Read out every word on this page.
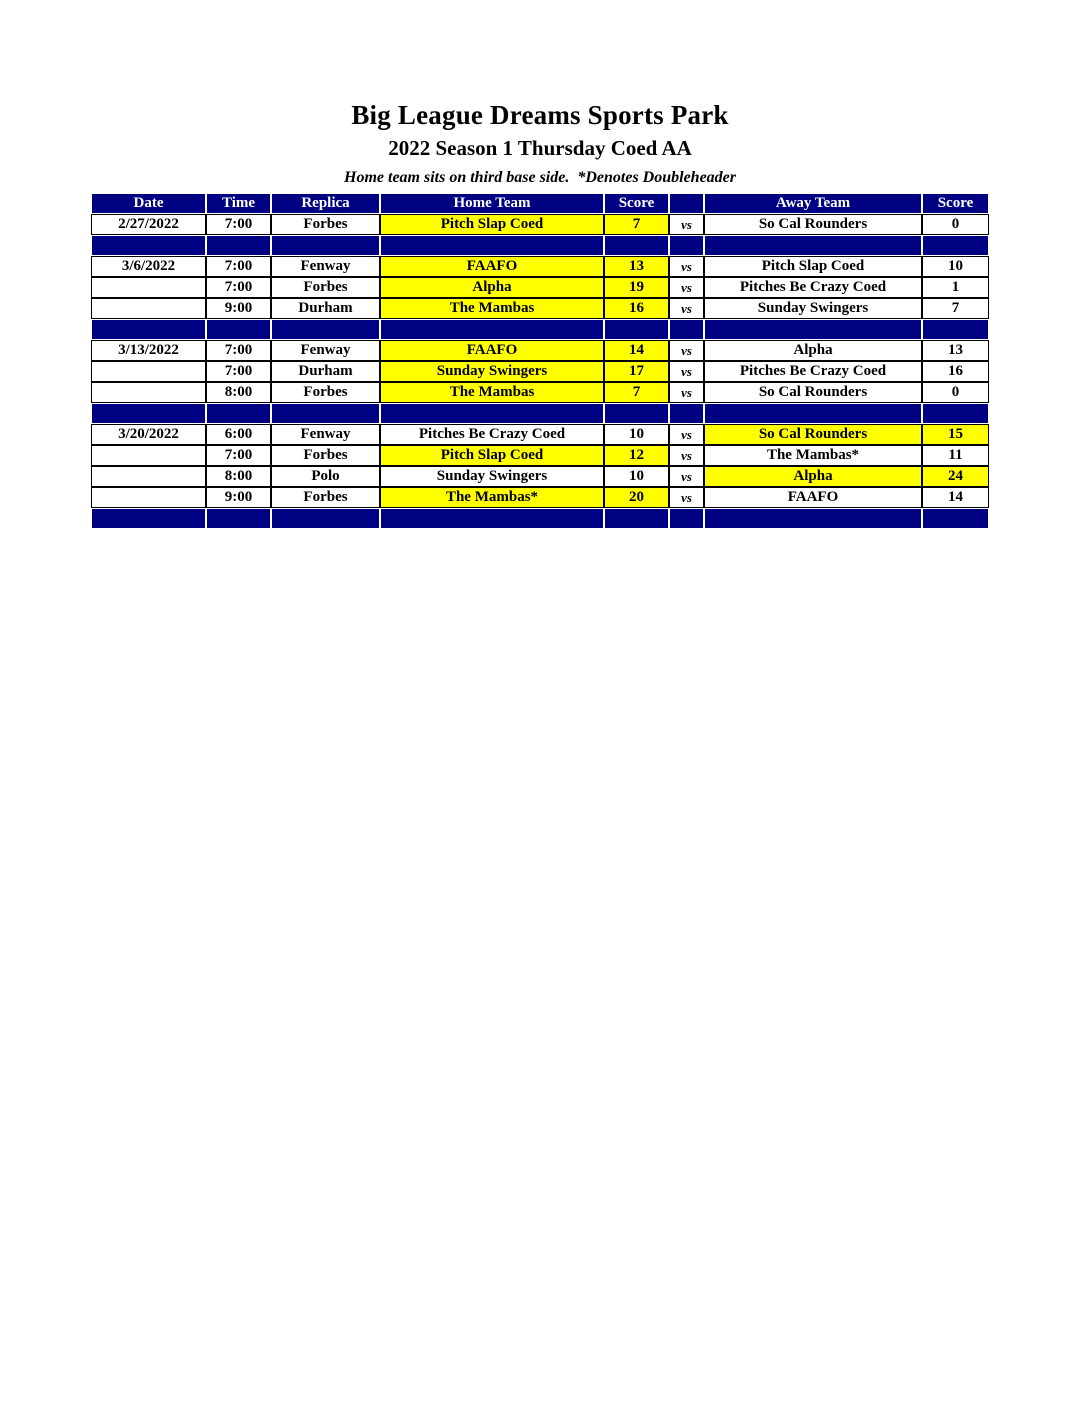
Big League Dreams Sports Park
2022 Season 1 Thursday Coed AA
Home team sits on third base side.  *Denotes Doubleheader
Date	Time	Replica	Home Team	Score		Away Team	Score
2/27/2022	7:00	Forbes	Pitch Slap Coed	7	vs	So Cal Rounders	0

3/6/2022	7:00	Fenway	FAAFO	13	vs	Pitch Slap Coed	10
	7:00	Forbes	Alpha	19	vs	Pitches Be Crazy Coed	1
	9:00	Durham	The Mambas	16	vs	Sunday Swingers	7

3/13/2022	7:00	Fenway	FAAFO	14	vs	Alpha	13
	7:00	Durham	Sunday Swingers	17	vs	Pitches Be Crazy Coed	16
	8:00	Forbes	The Mambas	7	vs	So Cal Rounders	0

3/20/2022	6:00	Fenway	Pitches Be Crazy Coed	10	vs	So Cal Rounders	15
	7:00	Forbes	Pitch Slap Coed	12	vs	The Mambas*	11
	8:00	Polo	Sunday Swingers	10	vs	Alpha	24
	9:00	Forbes	The Mambas*	20	vs	FAAFO	14
